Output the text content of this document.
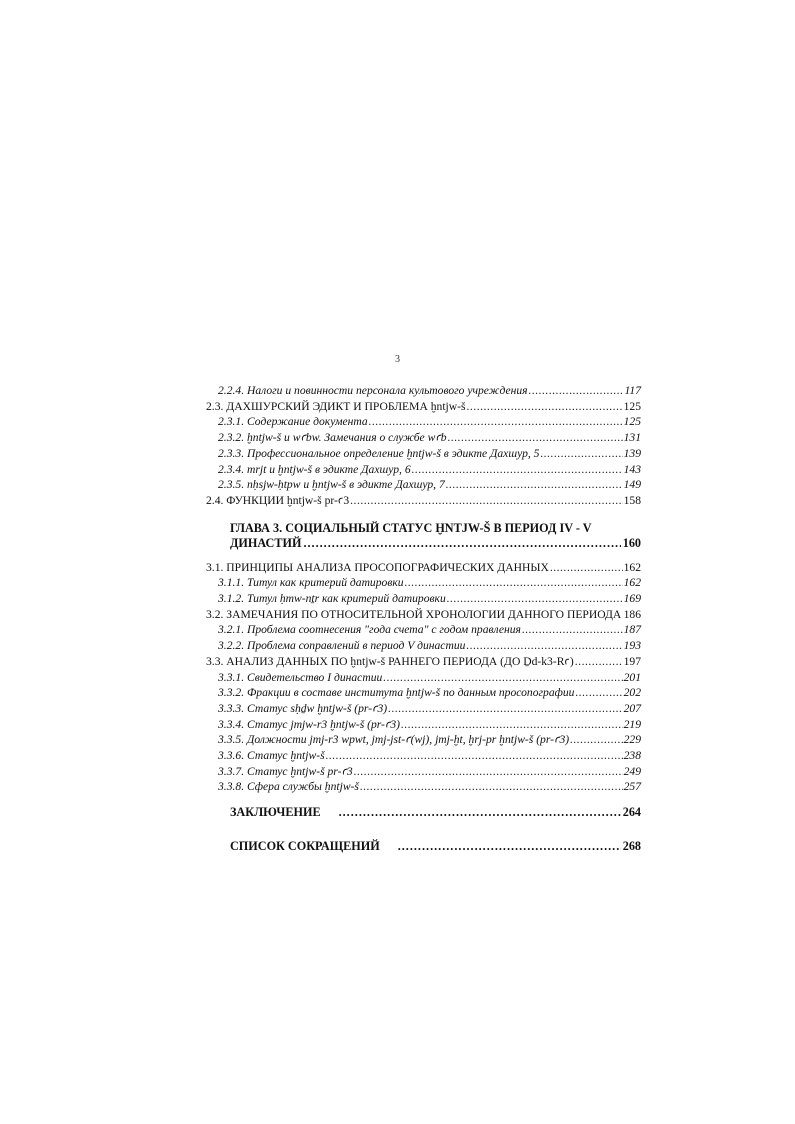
3
2.2.4. Налоги и повинности персонала культового учреждения .....	117
2.3. ДАХШУРСКИЙ ЭДИКТ И ПРОБЛЕМА ḫntjw-š .....	125
2.3.1. Содержание документа .....	125
2.3.2. ḫntjw-š и wꜥbw. Замечания о службе wꜥb .....	131
2.3.3. Профессиональное определение ḫntjw-š в эдикте Дахшур, 5 .....	139
2.3.4. mrjt и ḫntjw-š в эдикте Дахшур, 6 .....	143
2.3.5. nḥsjw-ḥtpw и ḫntjw-š в эдикте Дахшур, 7 .....	149
2.4. ФУНКЦИИ ḫntjw-š pr-ꜥ3 .....	158
ГЛАВА 3. СОЦИАЛЬНЫЙ СТАТУС ḪNTJW-Š В ПЕРИОД IV - V
ДИНАСТИЙ .....	160
3.1. ПРИНЦИПЫ АНАЛИЗА ПРОСОПОГРАФИЧЕСКИХ ДАННЫХ .....	162
3.1.1. Титул как критерий датировки .....	162
3.1.2. Титул ḥmw-nṯr как критерий датировки .....	169
3.2. ЗАМЕЧАНИЯ ПО ОТНОСИТЕЛЬНОЙ ХРОНОЛОГИИ ДАННОГО ПЕРИОДА ..... 186
3.2.1. Проблема соотнесения "года счета" с годом правления .....	187
3.2.2. Проблема соправлений в период V династии .....	193
3.3. АНАЛИЗ ДАННЫХ ПО ḫntjw-š РАННЕГО ПЕРИОДА (ДО Ḏd-k3-Rꜥ) .....	197
3.3.1. Свидетельство I династии .....	201
3.3.2. Фракции в составе института ḫntjw-š по данным просопографии .....	202
3.3.3. Статус sḥḏw ḫntjw-š (pr-ꜥ3) .....	207
3.3.4. Статус jmjw-r3 ḫntjw-š (pr-ꜥ3) .....	219
3.3.5. Должности jmj-r3 wpwt, jmj-jst-ꜥ(wj), jmj-ḫt, ḫrj-pr ḫntjw-š (pr-ꜥ3) .....	229
3.3.6. Статус ḫntjw-š .....	238
3.3.7. Статус ḫntjw-š pr-ꜥ3 .....	249
3.3.8. Сфера службы ḫntjw-š .....	257
ЗАКЛЮЧЕНИЕ .....	264
СПИСОК СОКРАЩЕНИЙ .....	268
